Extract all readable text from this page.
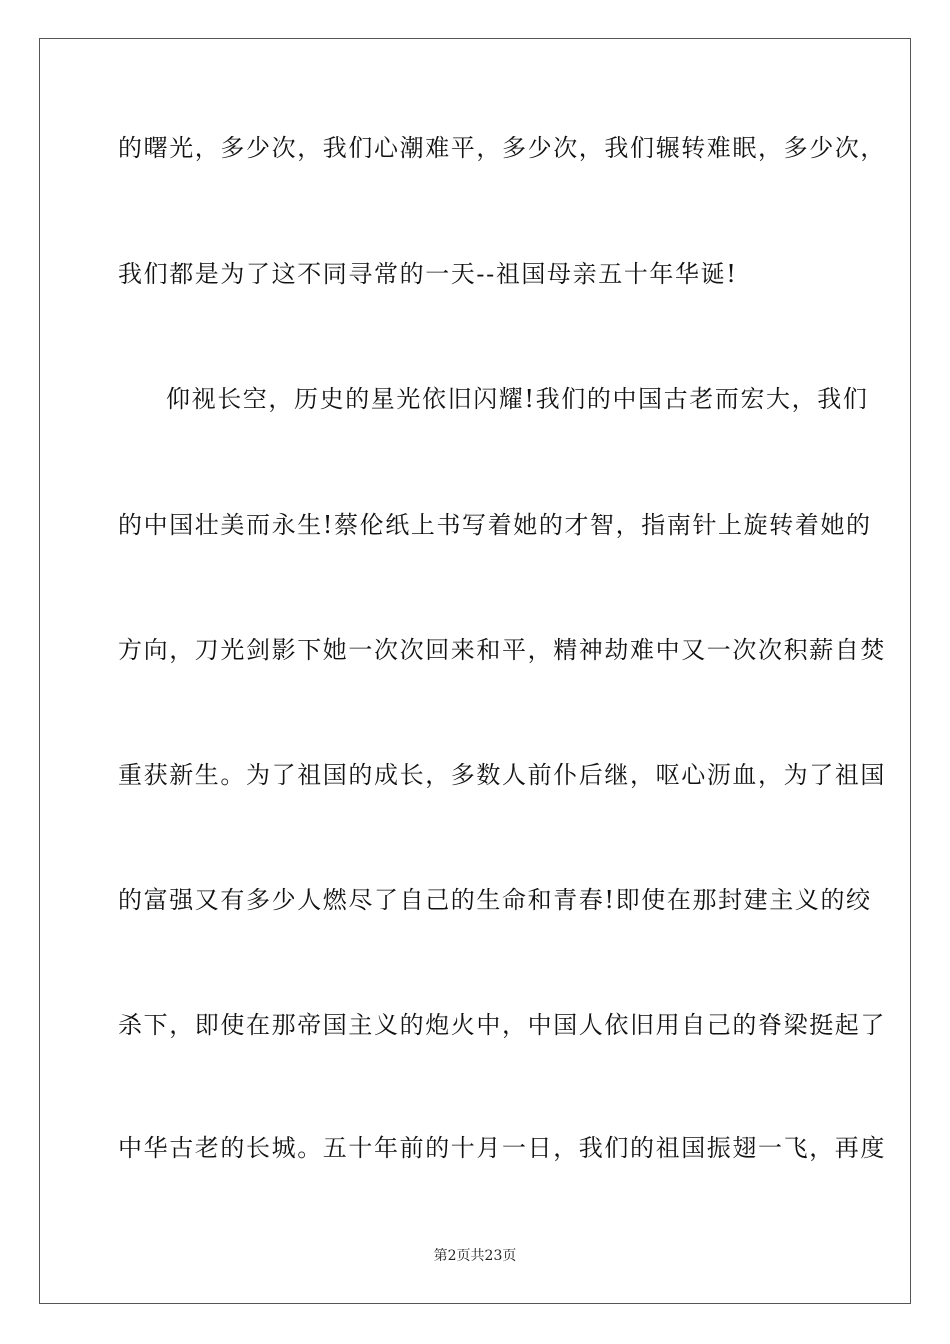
的曙光，多少次，我们心潮难平，多少次，我们辗转难眠，多少次，
我们都是为了这不同寻常的一天--祖国母亲五十年华诞!
仰视长空，历史的星光依旧闪耀!我们的中国古老而宏大，我们
的中国壮美而永生!蔡伦纸上书写着她的才智，指南针上旋转着她的
方向，刀光剑影下她一次次回来和平，精神劫难中又一次次积薪自焚
重获新生。为了祖国的成长，多数人前仆后继，呕心沥血，为了祖国
的富强又有多少人燃尽了自己的生命和青春!即使在那封建主义的绞
杀下，即使在那帝国主义的炮火中，中国人依旧用自己的脊梁挺起了
中华古老的长城。五十年前的十月一日，我们的祖国振翅一飞，再度
第2页共23页
